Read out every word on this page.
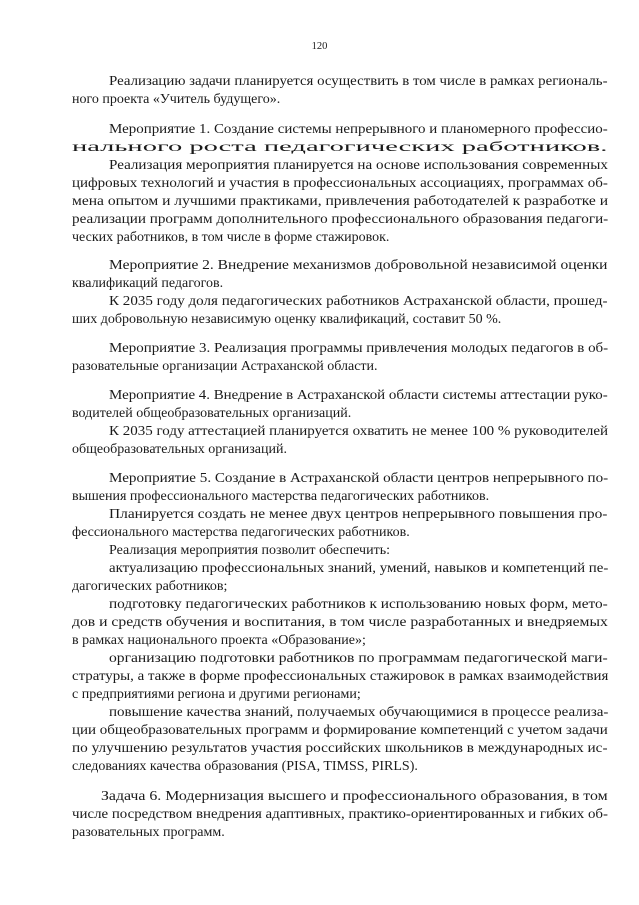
120
Реализацию задачи планируется осуществить в том числе в рамках региональ-
ного проекта «Учитель будущего».
Мероприятие 1. Создание системы непрерывного и планомерного профессио-
нального роста педагогических работников.
Реализация мероприятия планируется на основе использования современных
цифровых технологий и участия в профессиональных ассоциациях, программах об-
мена опытом и лучшими практиками, привлечения работодателей к разработке и
реализации программ дополнительного профессионального образования педагоги-
ческих работников, в том числе в форме стажировок.
Мероприятие 2. Внедрение механизмов добровольной независимой оценки
квалификаций педагогов.
К 2035 году доля педагогических работников Астраханской области, прошед-
ших добровольную независимую оценку квалификаций, составит 50 %.
Мероприятие 3. Реализация программы привлечения молодых педагогов в об-
разовательные организации Астраханской области.
Мероприятие 4. Внедрение в Астраханской области системы аттестации руко-
водителей общеобразовательных организаций.
К 2035 году аттестацией планируется охватить не менее 100 % руководителей
общеобразовательных организаций.
Мероприятие 5. Создание в Астраханской области центров непрерывного по-
вышения профессионального мастерства педагогических работников.
Планируется создать не менее двух центров непрерывного повышения про-
фессионального мастерства педагогических работников.
Реализация мероприятия позволит обеспечить:
актуализацию профессиональных знаний, умений, навыков и компетенций пе-
дагогических работников;
подготовку педагогических работников к использованию новых форм, мето-
дов и средств обучения и воспитания, в том числе разработанных и внедряемых
в рамках национального проекта «Образование»;
организацию подготовки работников по программам педагогической маги-
стратуры, а также в форме профессиональных стажировок в рамках взаимодействия
с предприятиями региона и другими регионами;
повышение качества знаний, получаемых обучающимися в процессе реализа-
ции общеобразовательных программ и формирование компетенций с учетом задачи
по улучшению результатов участия российских школьников в международных ис-
следованиях качества образования (PISA, TIMSS, PIRLS).
Задача 6. Модернизация высшего и профессионального образования, в том
числе посредством внедрения адаптивных, практико-ориентированных и гибких об-
разовательных программ.
